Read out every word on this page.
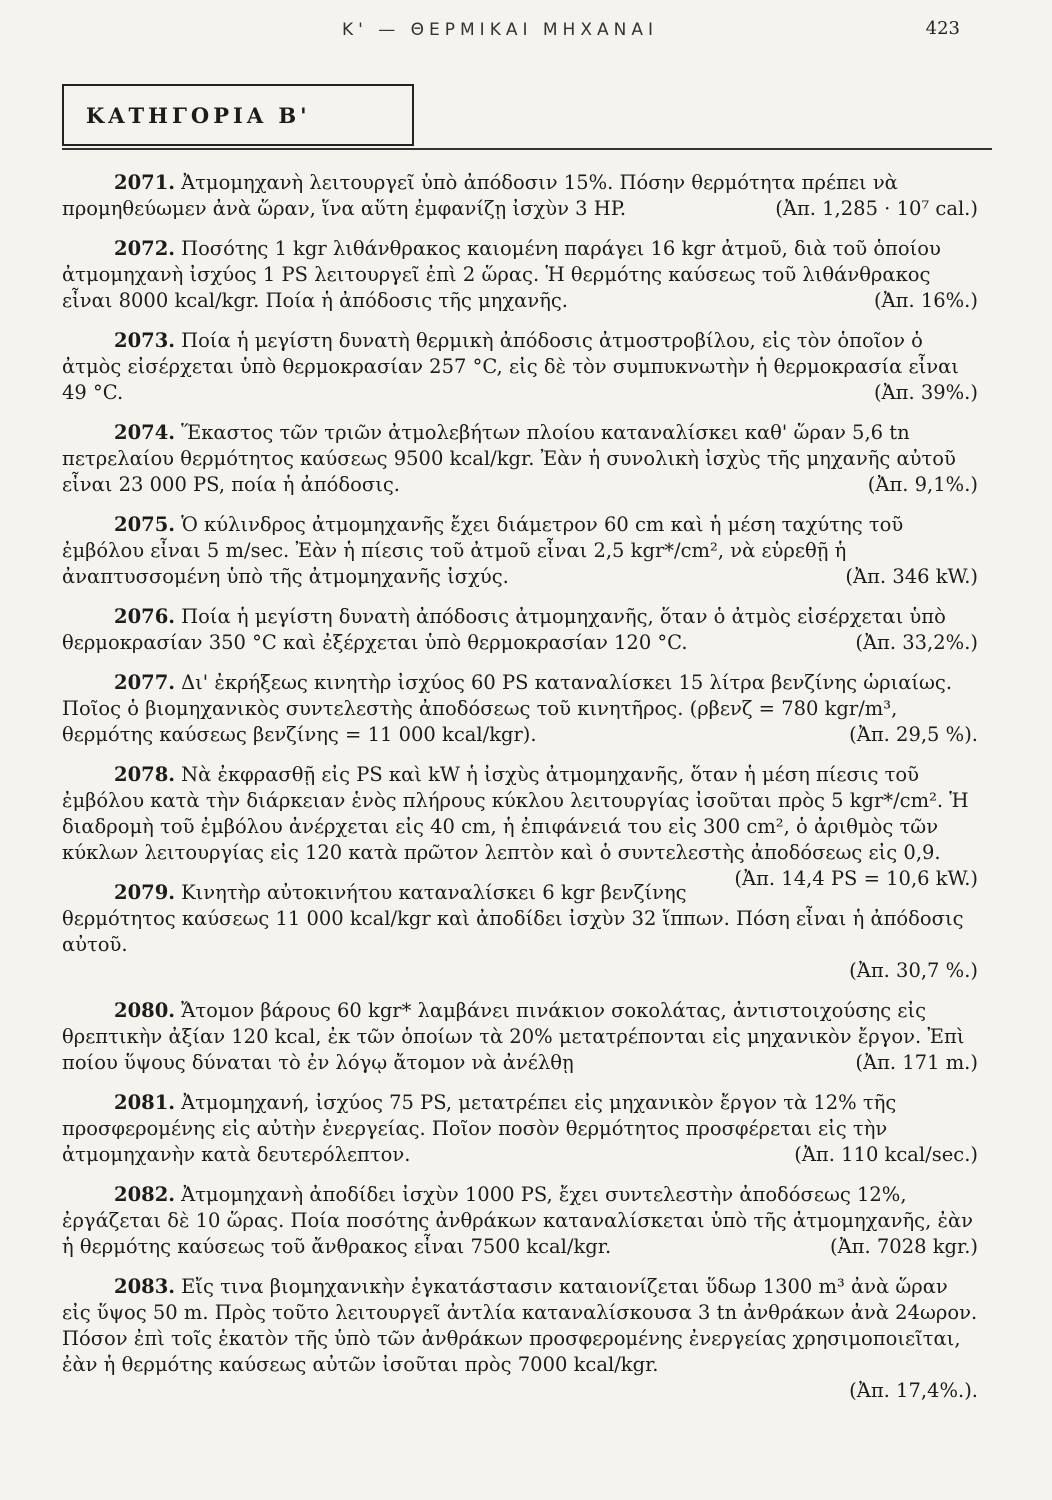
Κ' — ΘΕΡΜΙΚΑΙ ΜΗΧΑΝΑΙ	423
ΚΑΤΗΓΟΡΙΑ Β'
2071. Ἀτμομηχανὴ λειτουργεῖ ὑπὸ ἀπόδοσιν 15%. Πόσην θερμότητα πρέπει νὰ προμηθεύωμεν ἀνὰ ὥραν, ἵνα αὕτη ἐμφανίζῃ ἰσχὺν 3 HP.	(Ἀπ. 1,285 · 10⁷ cal.)
2072. Ποσότης 1 kgr λιθάνθρακος καιομένη παράγει 16 kgr ἀτμοῦ, διὰ τοῦ ὁποίου ἀτμομηχανὴ ἰσχύος 1 PS λειτουργεῖ ἐπὶ 2 ὥρας. Ἡ θερμότης καύσεως τοῦ λιθάνθρακος εἶναι 8000 kcal/kgr. Ποία ἡ ἀπόδοσις τῆς μηχανῆς.	(Ἀπ. 16%.)
2073. Ποία ἡ μεγίστη δυνατὴ θερμικὴ ἀπόδοσις ἀτμοστροβίλου, εἰς τὸν ὁποῖον ὁ ἀτμὸς εἰσέρχεται ὑπὸ θερμοκρασίαν 257 °C, εἰς δὲ τὸν συμπυκνωτὴν ἡ θερμοκρασία εἶναι 49 °C.	(Ἀπ. 39%.)
2074. Ἕκαστος τῶν τριῶν ἀτμολεβήτων πλοίου καταναλίσκει καθ' ὥραν 5,6 tn πετρελαίου θερμότητος καύσεως 9500 kcal/kgr. Ἐὰν ἡ συνολικὴ ἰσχὺς τῆς μηχανῆς αὐτοῦ εἶναι 23 000 PS, ποία ἡ ἀπόδοσις.	(Ἀπ. 9,1%.)
2075. Ὁ κύλινδρος ἀτμομηχανῆς ἔχει διάμετρον 60 cm καὶ ἡ μέση ταχύτης τοῦ ἐμβόλου εἶναι 5 m/sec. Ἐὰν ἡ πίεσις τοῦ ἀτμοῦ εἶναι 2,5 kgr*/cm², νὰ εὑρεθῇ ἡ ἀναπτυσσομένη ὑπὸ τῆς ἀτμομηχανῆς ἰσχύς.	(Ἀπ. 346 kW.)
2076. Ποία ἡ μεγίστη δυνατὴ ἀπόδοσις ἀτμομηχανῆς, ὅταν ὁ ἀτμὸς εἰσέρχεται ὑπὸ θερμοκρασίαν 350 °C καὶ ἐξέρχεται ὑπὸ θερμοκρασίαν 120 °C.	(Ἀπ. 33,2%.)
2077. Δι' ἐκρήξεως κινητὴρ ἰσχύος 60 PS καταναλίσκει 15 λίτρα βενζίνης ὡριαίως. Ποῖος ὁ βιομηχανικὸς συντελεστὴς ἀποδόσεως τοῦ κινητῆρος. (ρβενζ = 780 kgr/m³, θερμότης καύσεως βενζίνης = 11 000 kcal/kgr).	(Ἀπ. 29,5 %).
2078. Νὰ ἐκφρασθῇ εἰς PS καὶ kW ἡ ἰσχὺς ἀτμομηχανῆς, ὅταν ἡ μέση πίεσις τοῦ ἐμβόλου κατὰ τὴν διάρκειαν ἑνὸς πλήρους κύκλου λειτουργίας ἰσοῦται πρὸς 5 kgr*/cm². Ἡ διαδρομὴ τοῦ ἐμβόλου ἀνέρχεται εἰς 40 cm, ἡ ἐπιφάνειά του εἰς 300 cm², ὁ ἀριθμὸς τῶν κύκλων λειτουργίας εἰς 120 κατὰ πρῶτον λεπτὸν καὶ ὁ συντελεστὴς ἀποδόσεως εἰς 0,9.
(Ἀπ. 14,4 PS = 10,6 kW.)
2079. Κινητὴρ αὐτοκινήτου καταναλίσκει 6 kgr βενζίνης θερμότητος καύσεως 11 000 kcal/kgr καὶ ἀποδίδει ἰσχὺν 32 ἵππων. Πόση εἶναι ἡ ἀπόδοσις αὐτοῦ.
(Ἀπ. 30,7 %.)
2080. Ἄτομον βάρους 60 kgr* λαμβάνει πινάκιον σοκολάτας, ἀντιστοιχούσης εἰς θρεπτικὴν ἀξίαν 120 kcal, ἐκ τῶν ὁποίων τὰ 20% μετατρέπονται εἰς μηχανικὸν ἔργον. Ἐπὶ ποίου ὕψους δύναται τὸ ἐν λόγῳ ἄτομον νὰ ἀνέλθῃ	(Ἀπ. 171 m.)
2081. Ἀτμομηχανή, ἰσχύος 75 PS, μετατρέπει εἰς μηχανικὸν ἔργον τὰ 12% τῆς προσφερομένης εἰς αὐτὴν ἐνεργείας. Ποῖον ποσὸν θερμότητος προσφέρεται εἰς τὴν ἀτμομηχανὴν κατὰ δευτερόλεπτον.	(Ἀπ. 110 kcal/sec.)
2082. Ἀτμομηχανὴ ἀποδίδει ἰσχὺν 1000 PS, ἔχει συντελεστὴν ἀποδόσεως 12%, ἐργάζεται δὲ 10 ὥρας. Ποία ποσότης ἀνθράκων καταναλίσκεται ὑπὸ τῆς ἀτμομηχανῆς, ἐὰν ἡ θερμότης καύσεως τοῦ ἄνθρακος εἶναι 7500 kcal/kgr.	(Ἀπ. 7028 kgr.)
2083. Εἴς τινα βιομηχανικὴν ἐγκατάστασιν καταιονίζεται ὕδωρ 1300 m³ ἀνὰ ὥραν εἰς ὕψος 50 m. Πρὸς τοῦτο λειτουργεῖ ἀντλία καταναλίσκουσα 3 tn ἀνθράκων ἀνὰ 24ωρον. Πόσον ἐπὶ τοῖς ἑκατὸν τῆς ὑπὸ τῶν ἀνθράκων προσφερομένης ἐνεργείας χρησιμοποιεῖται, ἐὰν ἡ θερμότης καύσεως αὐτῶν ἰσοῦται πρὸς 7000 kcal/kgr.
(Ἀπ. 17,4%.).
